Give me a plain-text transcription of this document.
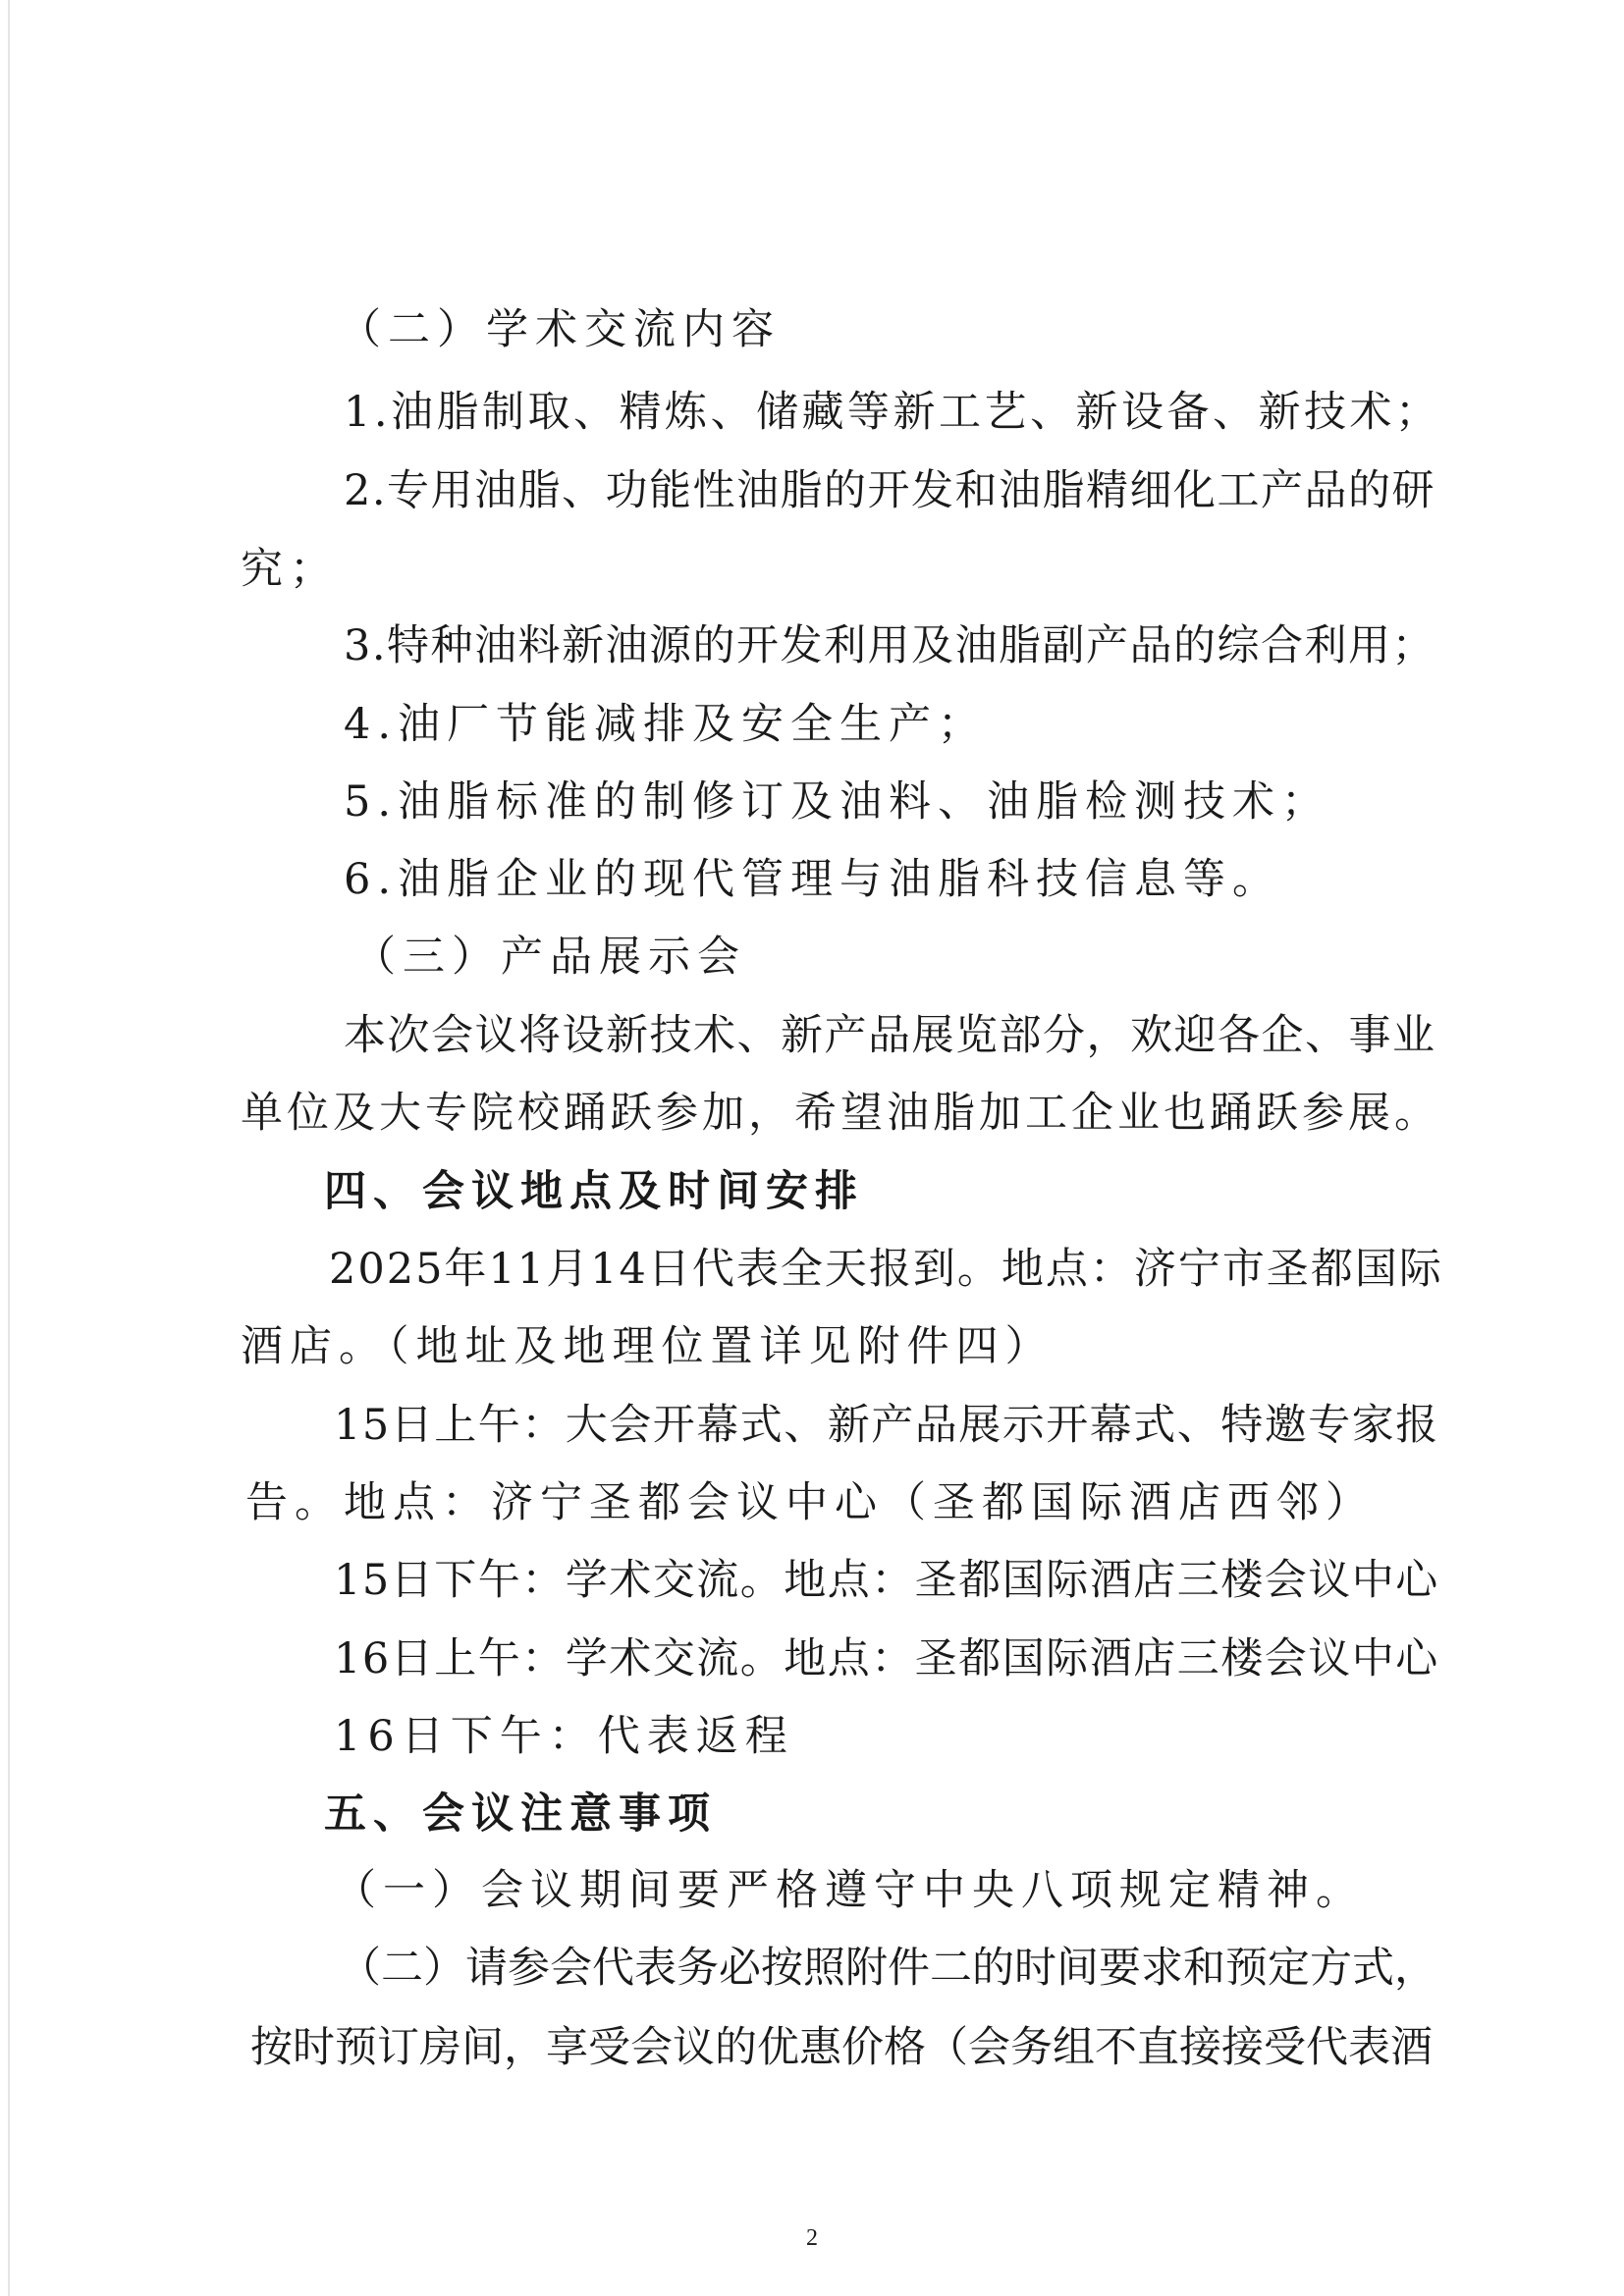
（二）学术交流内容

1.油脂制取、精炼、储藏等新工艺、新设备、新技术；

2.专用油脂、功能性油脂的开发和油脂精细化工产品的研

究；

3.特种油料新油源的开发利用及油脂副产品的综合利用；

4.油厂节能减排及安全生产；

5.油脂标准的制修订及油料、油脂检测技术；

6.油脂企业的现代管理与油脂科技信息等。

（三）产品展示会

本次会议将设新技术、新产品展览部分，欢迎各企、事业

单位及大专院校踊跃参加，希望油脂加工企业也踊跃参展。

四、会议地点及时间安排

2025年11月14日代表全天报到。地点：济宁市圣都国际

酒店。（地址及地理位置详见附件四）

15日上午：大会开幕式、新产品展示开幕式、特邀专家报

告。地点：济宁圣都会议中心（圣都国际酒店西邻）

15日下午：学术交流。地点：圣都国际酒店三楼会议中心

16日上午：学术交流。地点：圣都国际酒店三楼会议中心

16日下午：代表返程

五、会议注意事项

（一）会议期间要严格遵守中央八项规定精神。

（二）请参会代表务必按照附件二的时间要求和预定方式，

按时预订房间，享受会议的优惠价格（会务组不直接接受代表酒

2
